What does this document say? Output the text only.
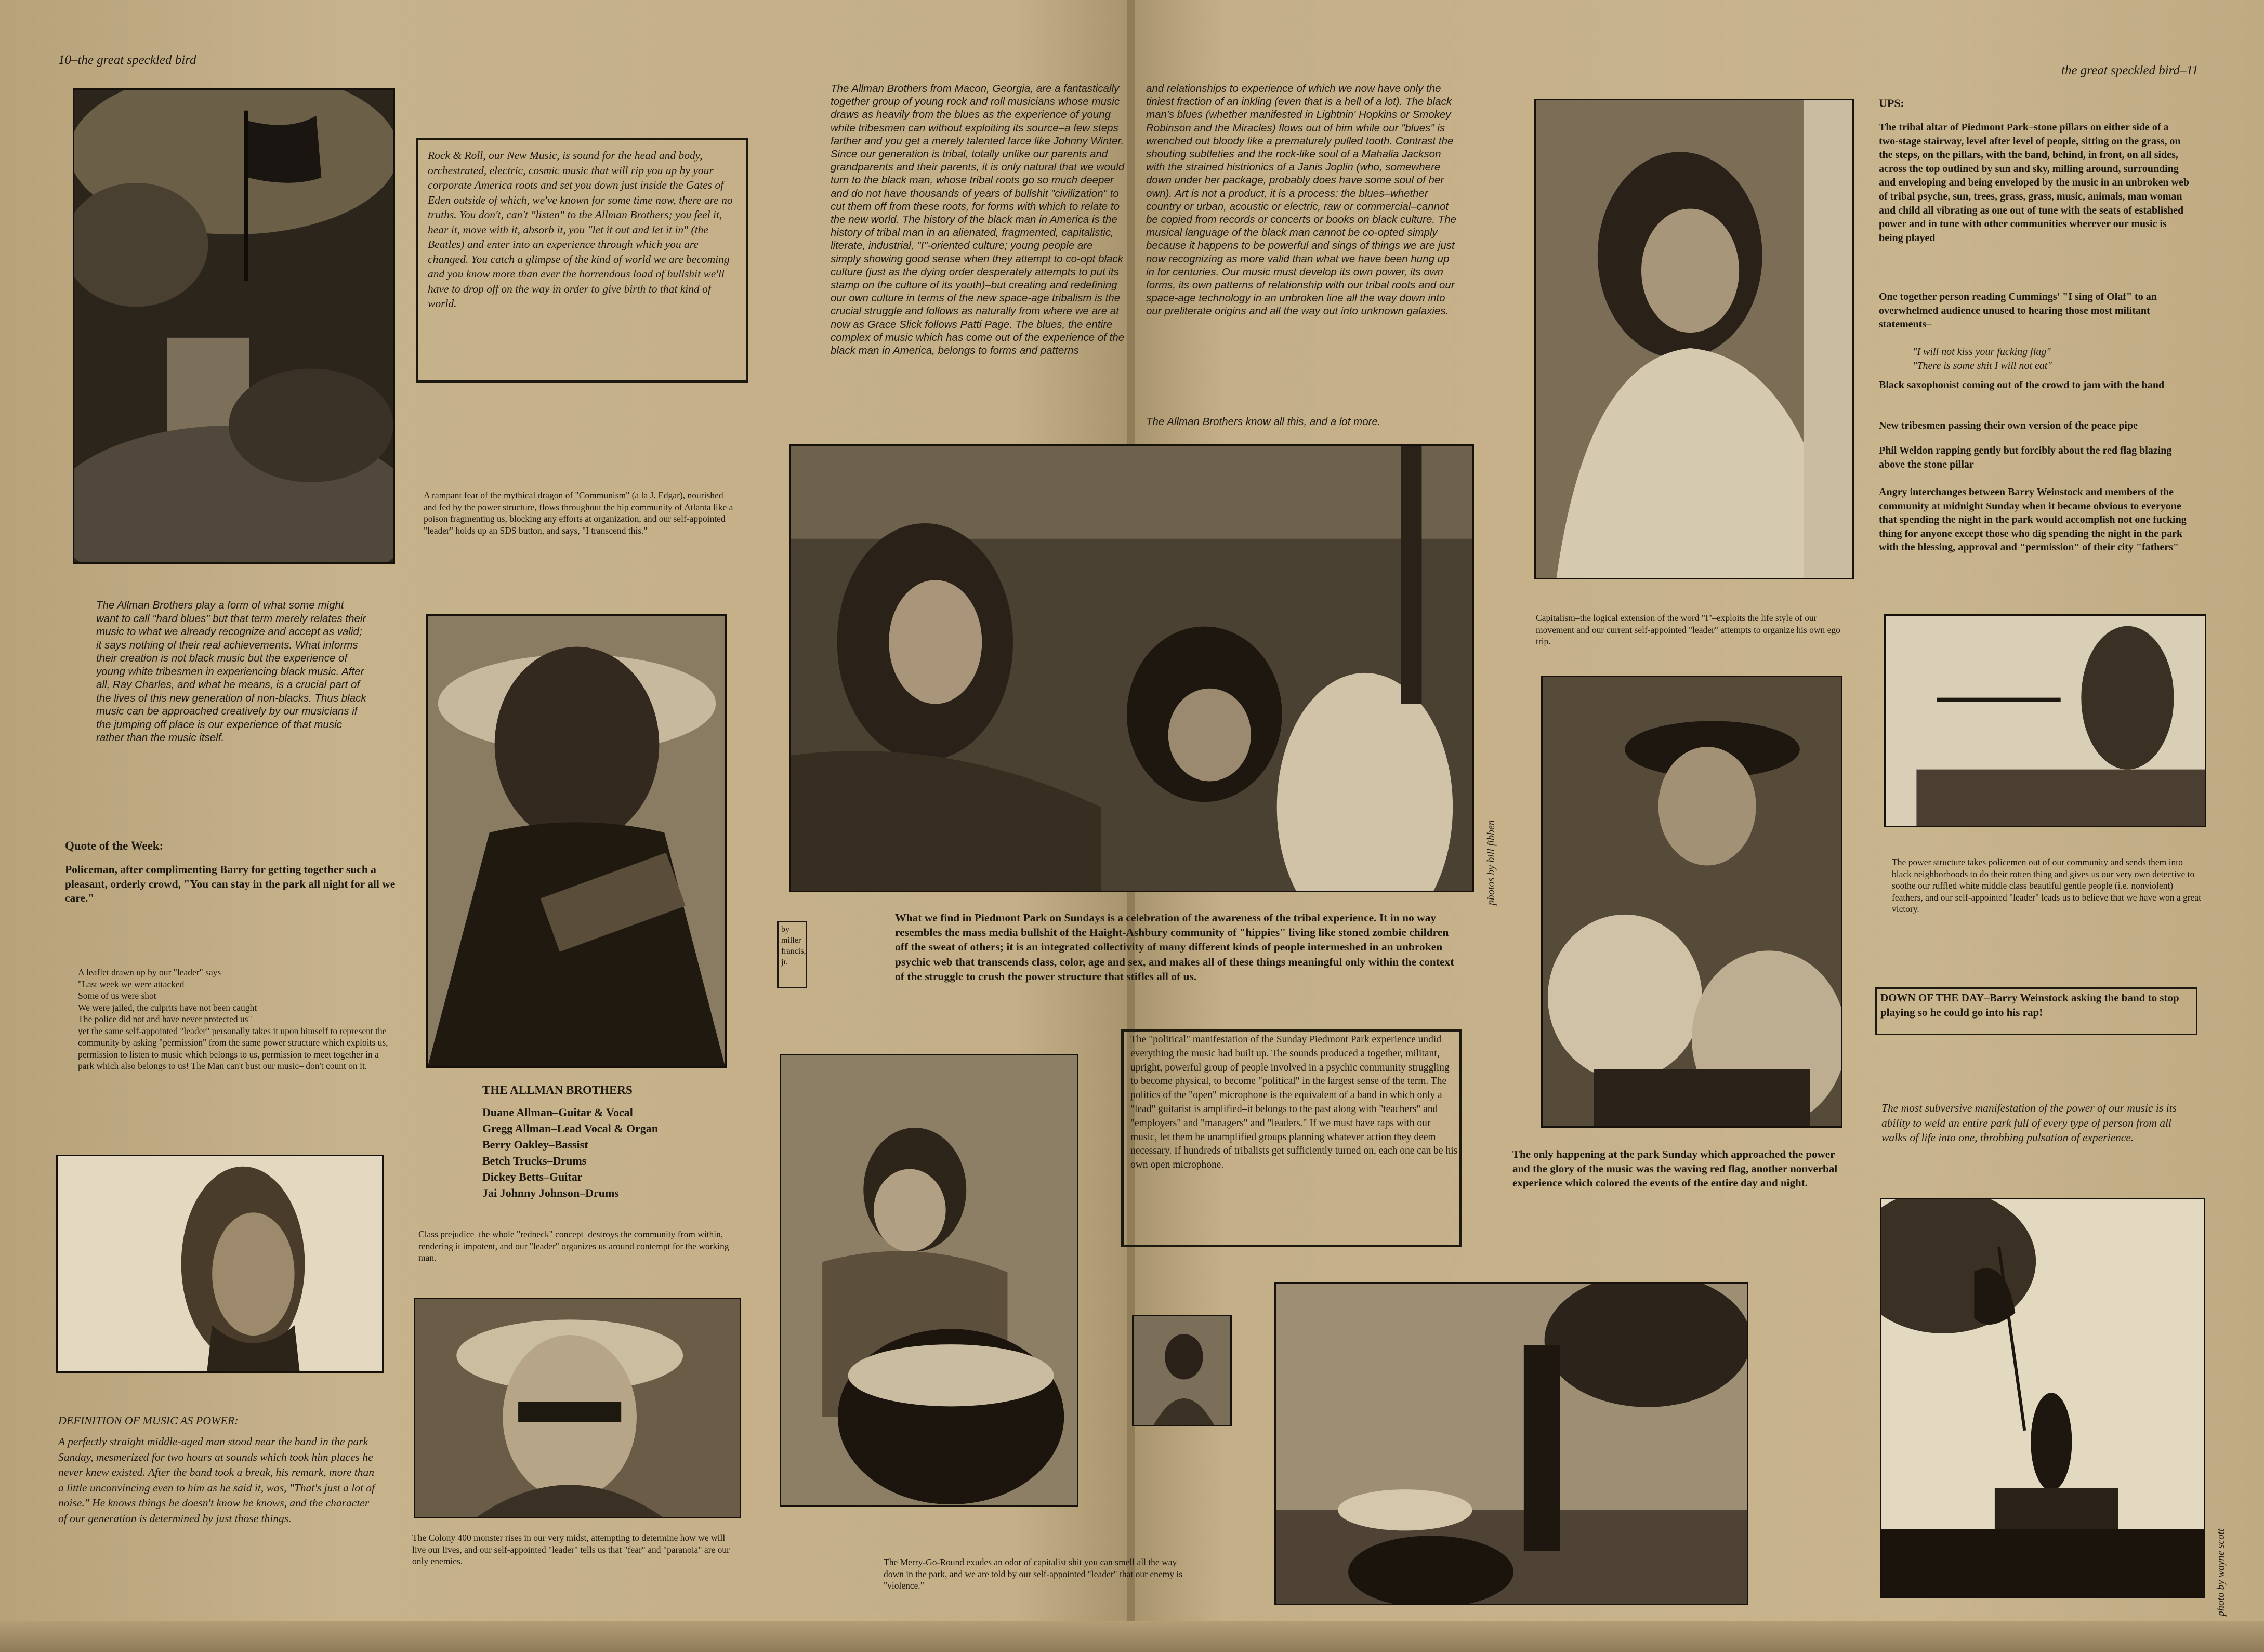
10–the great speckled bird

Rock & Roll, our New Music, is sound for the head and body, orchestrated, electric, cosmic music that will rip you up by your corporate America roots and set you down just inside the Gates of Eden outside of which, we've known for some time now, there are no truths. You don't, can't "listen" to the Allman Brothers; you feel it, hear it, move with it, absorb it, you "let it out and let it in" (the Beatles) and enter into an experience through which you are changed. You catch a glimpse of the kind of world we are becoming and you know more than ever the horrendous load of bullshit we'll have to drop off on the way in order to give birth to that kind of world.

A rampant fear of the mythical dragon of "Communism" (a la J. Edgar), nourished and fed by the power structure, flows throughout the hip community of Atlanta like a poison fragmenting us, blocking any efforts at organization, and our self-appointed "leader" holds up an SDS button, and says, "I transcend this."

The Allman Brothers play a form of what some might want to call "hard blues" but that term merely relates their music to what we already recognize and accept as valid; it says nothing of their real achievements. What informs their creation is not black music but the experience of young white tribesmen in experiencing black music. After all, Ray Charles, and what he means, is a crucial part of the lives of this new generation of non-blacks. Thus black music can be approached creatively by our musicians if the jumping off place is our experience of that music rather than the music itself.

Quote of the Week:

Policeman, after complimenting Barry for getting together such a pleasant, orderly crowd, "You can stay in the park all night for all we care."

A leaflet drawn up by our "leader" says
"Last week we were attacked
Some of us were shot
We were jailed, the culprits have not been caught
The police did not and have never protected us"
yet the same self-appointed "leader" personally takes it upon himself to represent the community by asking "permission" from the same power structure which exploits us, permission to listen to music which belongs to us, permission to meet together in a park which also belongs to us! The Man can't bust our music– don't count on it.

THE ALLMAN BROTHERS

Duane Allman–Guitar & Vocal

Gregg Allman–Lead Vocal & Organ

Berry Oakley–Bassist

Betch Trucks–Drums

Dickey Betts–Guitar

Jai Johnny Johnson–Drums

Class prejudice–the whole "redneck" concept–destroys the community from within, rendering it impotent, and our "leader" organizes us around contempt for the working man.

DEFINITION OF MUSIC AS POWER:

A perfectly straight middle-aged man stood near the band in the park Sunday, mesmerized for two hours at sounds which took him places he never knew existed. After the band took a break, his remark, more than a little unconvincing even to him as he said it, was, "That's just a lot of noise." He knows things he doesn't know he knows, and the character of our generation is determined by just those things.

The Colony 400 monster rises in our very midst, attempting to determine how we will live our lives, and our self-appointed "leader" tells us that "fear" and "paranoia" are our only enemies.

The Allman Brothers from Macon, Georgia, are a fantastically together group of young rock and roll musicians whose music draws as heavily from the blues as the experience of young white tribesmen can without exploiting its source–a few steps farther and you get a merely talented farce like Johnny Winter. Since our generation is tribal, totally unlike our parents and grandparents and their parents, it is only natural that we would turn to the black man, whose tribal roots go so much deeper and do not have thousands of years of bullshit "civilization" to cut them off from these roots, for forms with which to relate to the new world. The history of the black man in America is the history of tribal man in an alienated, fragmented, capitalistic, literate, industrial, "I"-oriented culture; young people are simply showing good sense when they attempt to co-opt black culture (just as the dying order desperately attempts to put its stamp on the culture of its youth)–but creating and redefining our own culture in terms of the new space-age tribalism is the crucial struggle and follows as naturally from where we are at now as Grace Slick follows Patti Page. The blues, the entire complex of music which has come out of the experience of the black man in America, belongs to forms and patterns

by
miller
francis,
jr.

What we find in Piedmont Park on Sundays is a celebration of the awareness of the tribal experience. It in no way resembles the mass media bullshit of the Haight-Ashbury community of "hippies" living like stoned zombie children off the sweat of others; it is an integrated collectivity of many different kinds of people intermeshed in an unbroken psychic web that transcends class, color, age and sex, and makes all of these things meaningful only within the context of the struggle to crush the power structure that stifles all of us.

The Merry-Go-Round exudes an odor of capitalist shit you can smell all the way down in the park, and we are told by our self-appointed "leader" that our enemy is "violence."

the great speckled bird–11

and relationships to experience of which we now have only the tiniest fraction of an inkling (even that is a hell of a lot). The black man's blues (whether manifested in Lightnin' Hopkins or Smokey Robinson and the Miracles) flows out of him while our "blues" is wrenched out bloody like a prematurely pulled tooth. Contrast the shouting subtleties and the rock-like soul of a Mahalia Jackson with the strained histrionics of a Janis Joplin (who, somewhere down under her package, probably does have some soul of her own). Art is not a product, it is a process: the blues–whether country or urban, acoustic or electric, raw or commercial–cannot be copied from records or concerts or books on black culture. The musical language of the black man cannot be co-opted simply because it happens to be powerful and sings of things we are just now recognizing as more valid than what we have been hung up in for centuries. Our music must develop its own power, its own forms, its own patterns of relationship with our tribal roots and our space-age technology in an unbroken line all the way down into our preliterate origins and all the way out into unknown galaxies.

The Allman Brothers know all this, and a lot more.

photos by bill fibben

The "political" manifestation of the Sunday Piedmont Park experience undid everything the music had built up. The sounds produced a together, militant, upright, powerful group of people involved in a psychic community struggling to become physical, to become "political" in the largest sense of the term. The politics of the "open" microphone is the equivalent of a band in which only a "lead" guitarist is amplified–it belongs to the past along with "teachers" and "employers" and "managers" and "leaders." If we must have raps with our music, let them be unamplified groups planning whatever action they deem necessary. If hundreds of tribalists get sufficiently turned on, each one can be his own open microphone.

Capitalism–the logical extension of the word "I"–exploits the life style of our movement and our current self-appointed "leader" attempts to organize his own ego trip.

The only happening at the park Sunday which approached the power and the glory of the music was the waving red flag, another nonverbal experience which colored the events of the entire day and night.

UPS:

The tribal altar of Piedmont Park–stone pillars on either side of a two-stage stairway, level after level of people, sitting on the grass, on the steps, on the pillars, with the band, behind, in front, on all sides, across the top outlined by sun and sky, milling around, surrounding and enveloping and being enveloped by the music in an unbroken web of tribal psyche, sun, trees, grass, grass, music, animals, man woman and child all vibrating as one out of tune with the seats of established power and in tune with other communities wherever our music is being played

One together person reading Cummings' "I sing of Olaf" to an overwhelmed audience unused to hearing those most militant statements–

"I will not kiss your fucking flag"
"There is some shit I will not eat"

Black saxophonist coming out of the crowd to jam with the band

New tribesmen passing their own version of the peace pipe

Phil Weldon rapping gently but forcibly about the red flag blazing above the stone pillar

Angry interchanges between Barry Weinstock and members of the community at midnight Sunday when it became obvious to everyone that spending the night in the park would accomplish not one fucking thing for anyone except those who dig spending the night in the park with the blessing, approval and "permission" of their city "fathers"

The power structure takes policemen out of our community and sends them into black neighborhoods to do their rotten thing and gives us our very own detective to soothe our ruffled white middle class beautiful gentle people (i.e. nonviolent) feathers, and our self-appointed "leader" leads us to believe that we have won a great victory.

DOWN OF THE DAY–Barry Weinstock asking the band to stop playing so he could go into his rap!

The most subversive manifestation of the power of our music is its ability to weld an entire park full of every type of person from all walks of life into one, throbbing pulsation of experience.

photo by wayne scott
